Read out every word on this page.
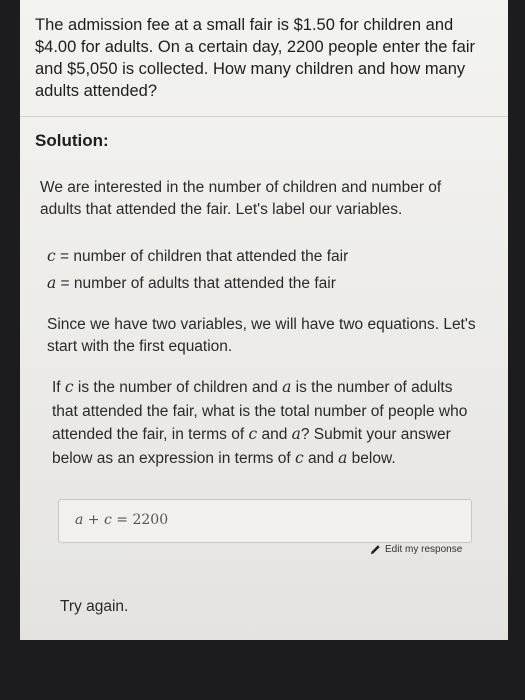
The admission fee at a small fair is $1.50 for children and $4.00 for adults. On a certain day, 2200 people enter the fair and $5,050 is collected. How many children and how many adults attended?
Solution:
We are interested in the number of children and number of adults that attended the fair. Let's label our variables.
c = number of children that attended the fair
a = number of adults that attended the fair
Since we have two variables, we will have two equations. Let's start with the first equation.
If c is the number of children and a is the number of adults that attended the fair, what is the total number of people who attended the fair, in terms of c and a? Submit your answer below as an expression in terms of c and a below.
a + c = 2200
Edit my response
Try again.
